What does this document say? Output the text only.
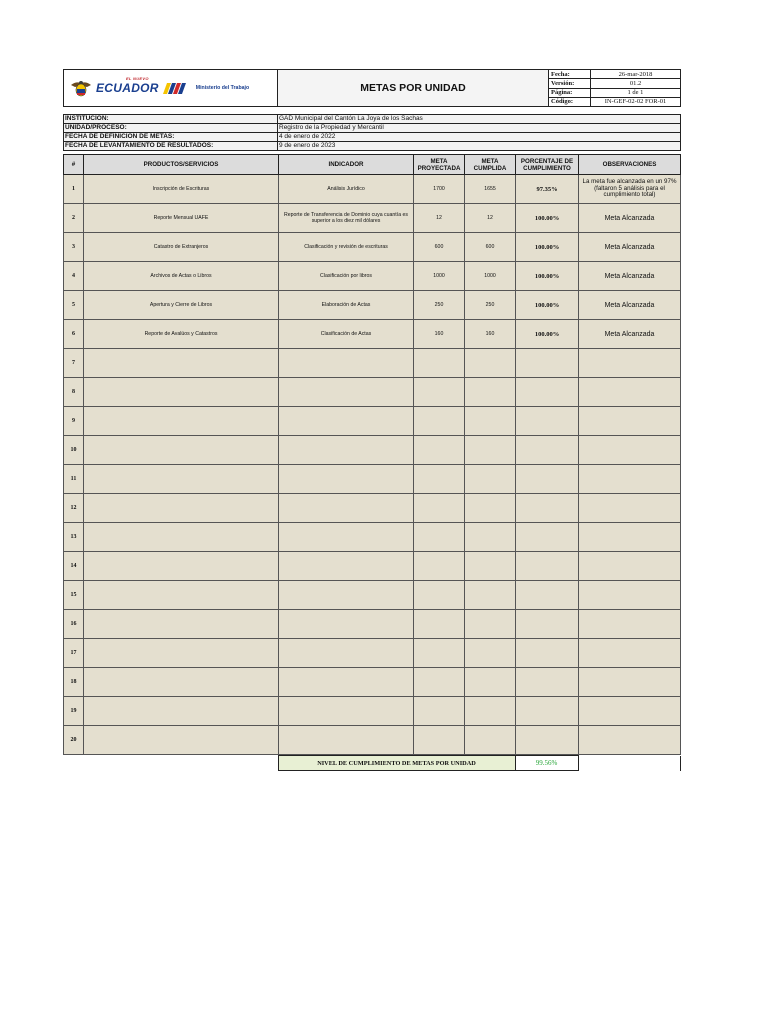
EL NUEVO
ECUADOR Ministerio del Trabajo	METAS POR UNIDAD	Fecha:	26-mar-2018
		Versión:	01.2
		Página:	1 de 1
		Código:	IN-GEF-02-02 FOR-01
INSTITUCIÓN:	GAD Municipal del Cantón La Joya de los Sachas
UNIDAD/PROCESO:	Registro de la Propiedad y Mercantil
FECHA DE DEFINICIÓN DE METAS:	4 de enero de 2022
FECHA DE LEVANTAMIENTO DE RESULTADOS:	9 de enero de 2023
#	PRODUCTOS/SERVICIOS	INDICADOR	META PROYECTADA	META CUMPLIDA	PORCENTAJE DE CUMPLIMIENTO	OBSERVACIONES
1	Inscripción de Escrituras	Análisis Jurídico	1700	1655	97.35%	La meta fue alcanzada en un 97% (faltaron 5 análisis para el cumplimiento total)
2	Reporte Mensual UAFE	Reporte de Transferencia de Dominio cuya cuantía es superior a los diez mil dólares	12	12	100.00%	Meta Alcanzada
3	Catastro de Extranjeros	Clasificación y revisión de escrituras	600	600	100.00%	Meta Alcanzada
4	Archivos de Actas o Libros	Clasificación por libros	1000	1000	100.00%	Meta Alcanzada
5	Apertura y Cierre de Libros	Elaboración de Actas	250	250	100.00%	Meta Alcanzada
6	Reporte de Avalúos y Catastros	Clasificación de Actas	160	160	100.00%	Meta Alcanzada
7						
8						
9						
10						
11						
12						
13						
14						
15						
16						
17						
18						
19						
20						
	NIVEL DE CUMPLIMIENTO DE METAS POR UNIDAD	99.56%	
